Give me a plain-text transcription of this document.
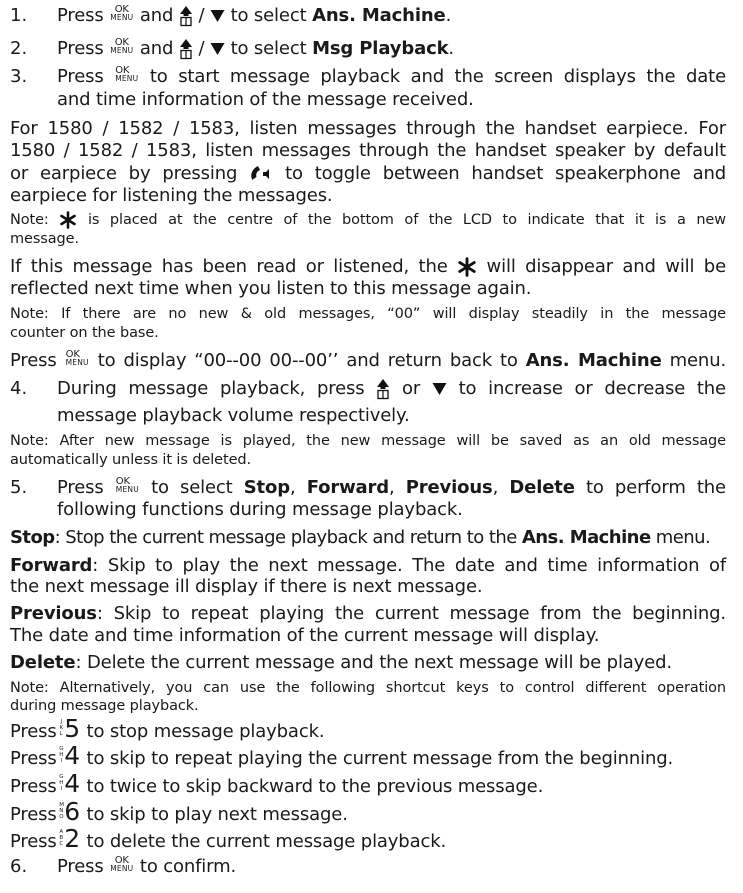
1. Press	OK
MENU and / to select Ans. Machine.
2. Press	OK
MENU and / to select Msg Playback.
3. Press OK
MENU to start message playback and the screen displays the date
and time information of the message received.
For 1580 / 1582 / 1583, listen messages through the handset earpiece. For
1580 / 1582 / 1583, listen messages through the handset speaker by default
or earpiece by pressing	to toggle between handset speakerphone and
earpiece for listening the messages.
Note:	is placed at the centre of the bottom of the LCD to indicate that it is a new
message.
If this message has been read or listened, the will disappear and will be
reflected next time when you listen to this message again.
Note: If there are no new & old messages, “00” will display steadily in the message
counter on the base.
Press OK
MENU to display “00--00 00--00’’ and return back to Ans. Machine menu.
4. During message playback, press or to increase or decrease the
message playback volume respectively.
Note: After new message is played, the new message will be saved as an old message
automatically unless it is deleted.
5. Press OK
MENU to select Stop, Forward, Previous, Delete to perform the
following functions during message playback.
Stop: Stop the current message playback and return to the Ans. Machine menu.
Forward: Skip to play the next message. The date and time information of
the next message ill display if there is next message.
Previous: Skip to repeat playing the current message from the beginning.
The date and time information of the current message will display.
Delete: Delete the current message and the next message will be played.
Note: Alternatively, you can use the following shortcut keys to control different operation
during message playback.
Press JKL 5 to stop message playback.
Press GHI 4 to skip to repeat playing the current message from the beginning.
Press GHI 4 to twice to skip backward to the previous message.
Press MNO 6 to skip to play next message.
Press ABC 2 to delete the current message playback.
6. Press	OK
MENU to confirm.
